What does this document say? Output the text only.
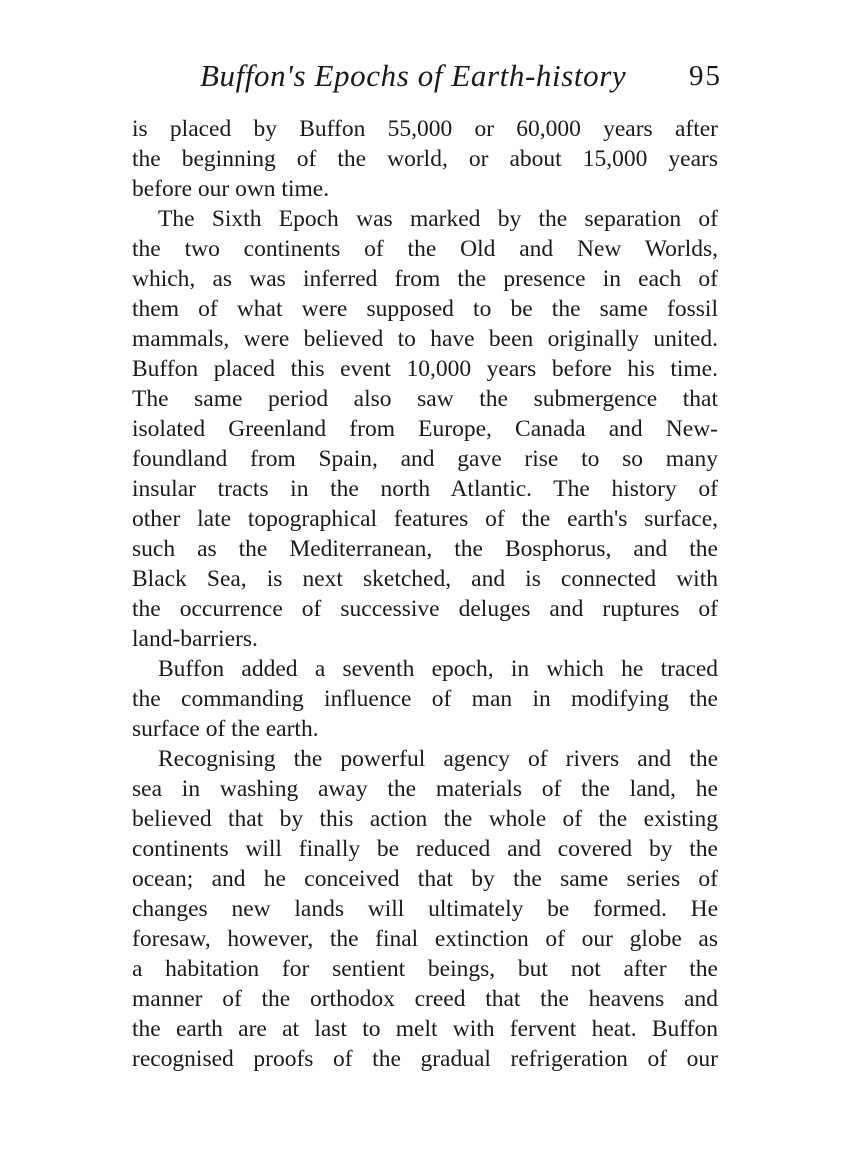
Buffon's Epochs of Earth-history 95
is placed by Buffon 55,000 or 60,000 years after
the beginning of the world, or about 15,000 years
before our own time.
The Sixth Epoch was marked by the separation of
the two continents of the Old and New Worlds,
which, as was inferred from the presence in each of
them of what were supposed to be the same fossil
mammals, were believed to have been originally united.
Buffon placed this event 10,000 years before his time.
The same period also saw the submergence that
isolated Greenland from Europe, Canada and New-
foundland from Spain, and gave rise to so many
insular tracts in the north Atlantic. The history of
other late topographical features of the earth's surface,
such as the Mediterranean, the Bosphorus, and the
Black Sea, is next sketched, and is connected with
the occurrence of successive deluges and ruptures of
land-barriers.
Buffon added a seventh epoch, in which he traced
the commanding influence of man in modifying the
surface of the earth.
Recognising the powerful agency of rivers and the
sea in washing away the materials of the land, he
believed that by this action the whole of the existing
continents will finally be reduced and covered by the
ocean; and he conceived that by the same series of
changes new lands will ultimately be formed. He
foresaw, however, the final extinction of our globe as
a habitation for sentient beings, but not after the
manner of the orthodox creed that the heavens and
the earth are at last to melt with fervent heat. Buffon
recognised proofs of the gradual refrigeration of our
